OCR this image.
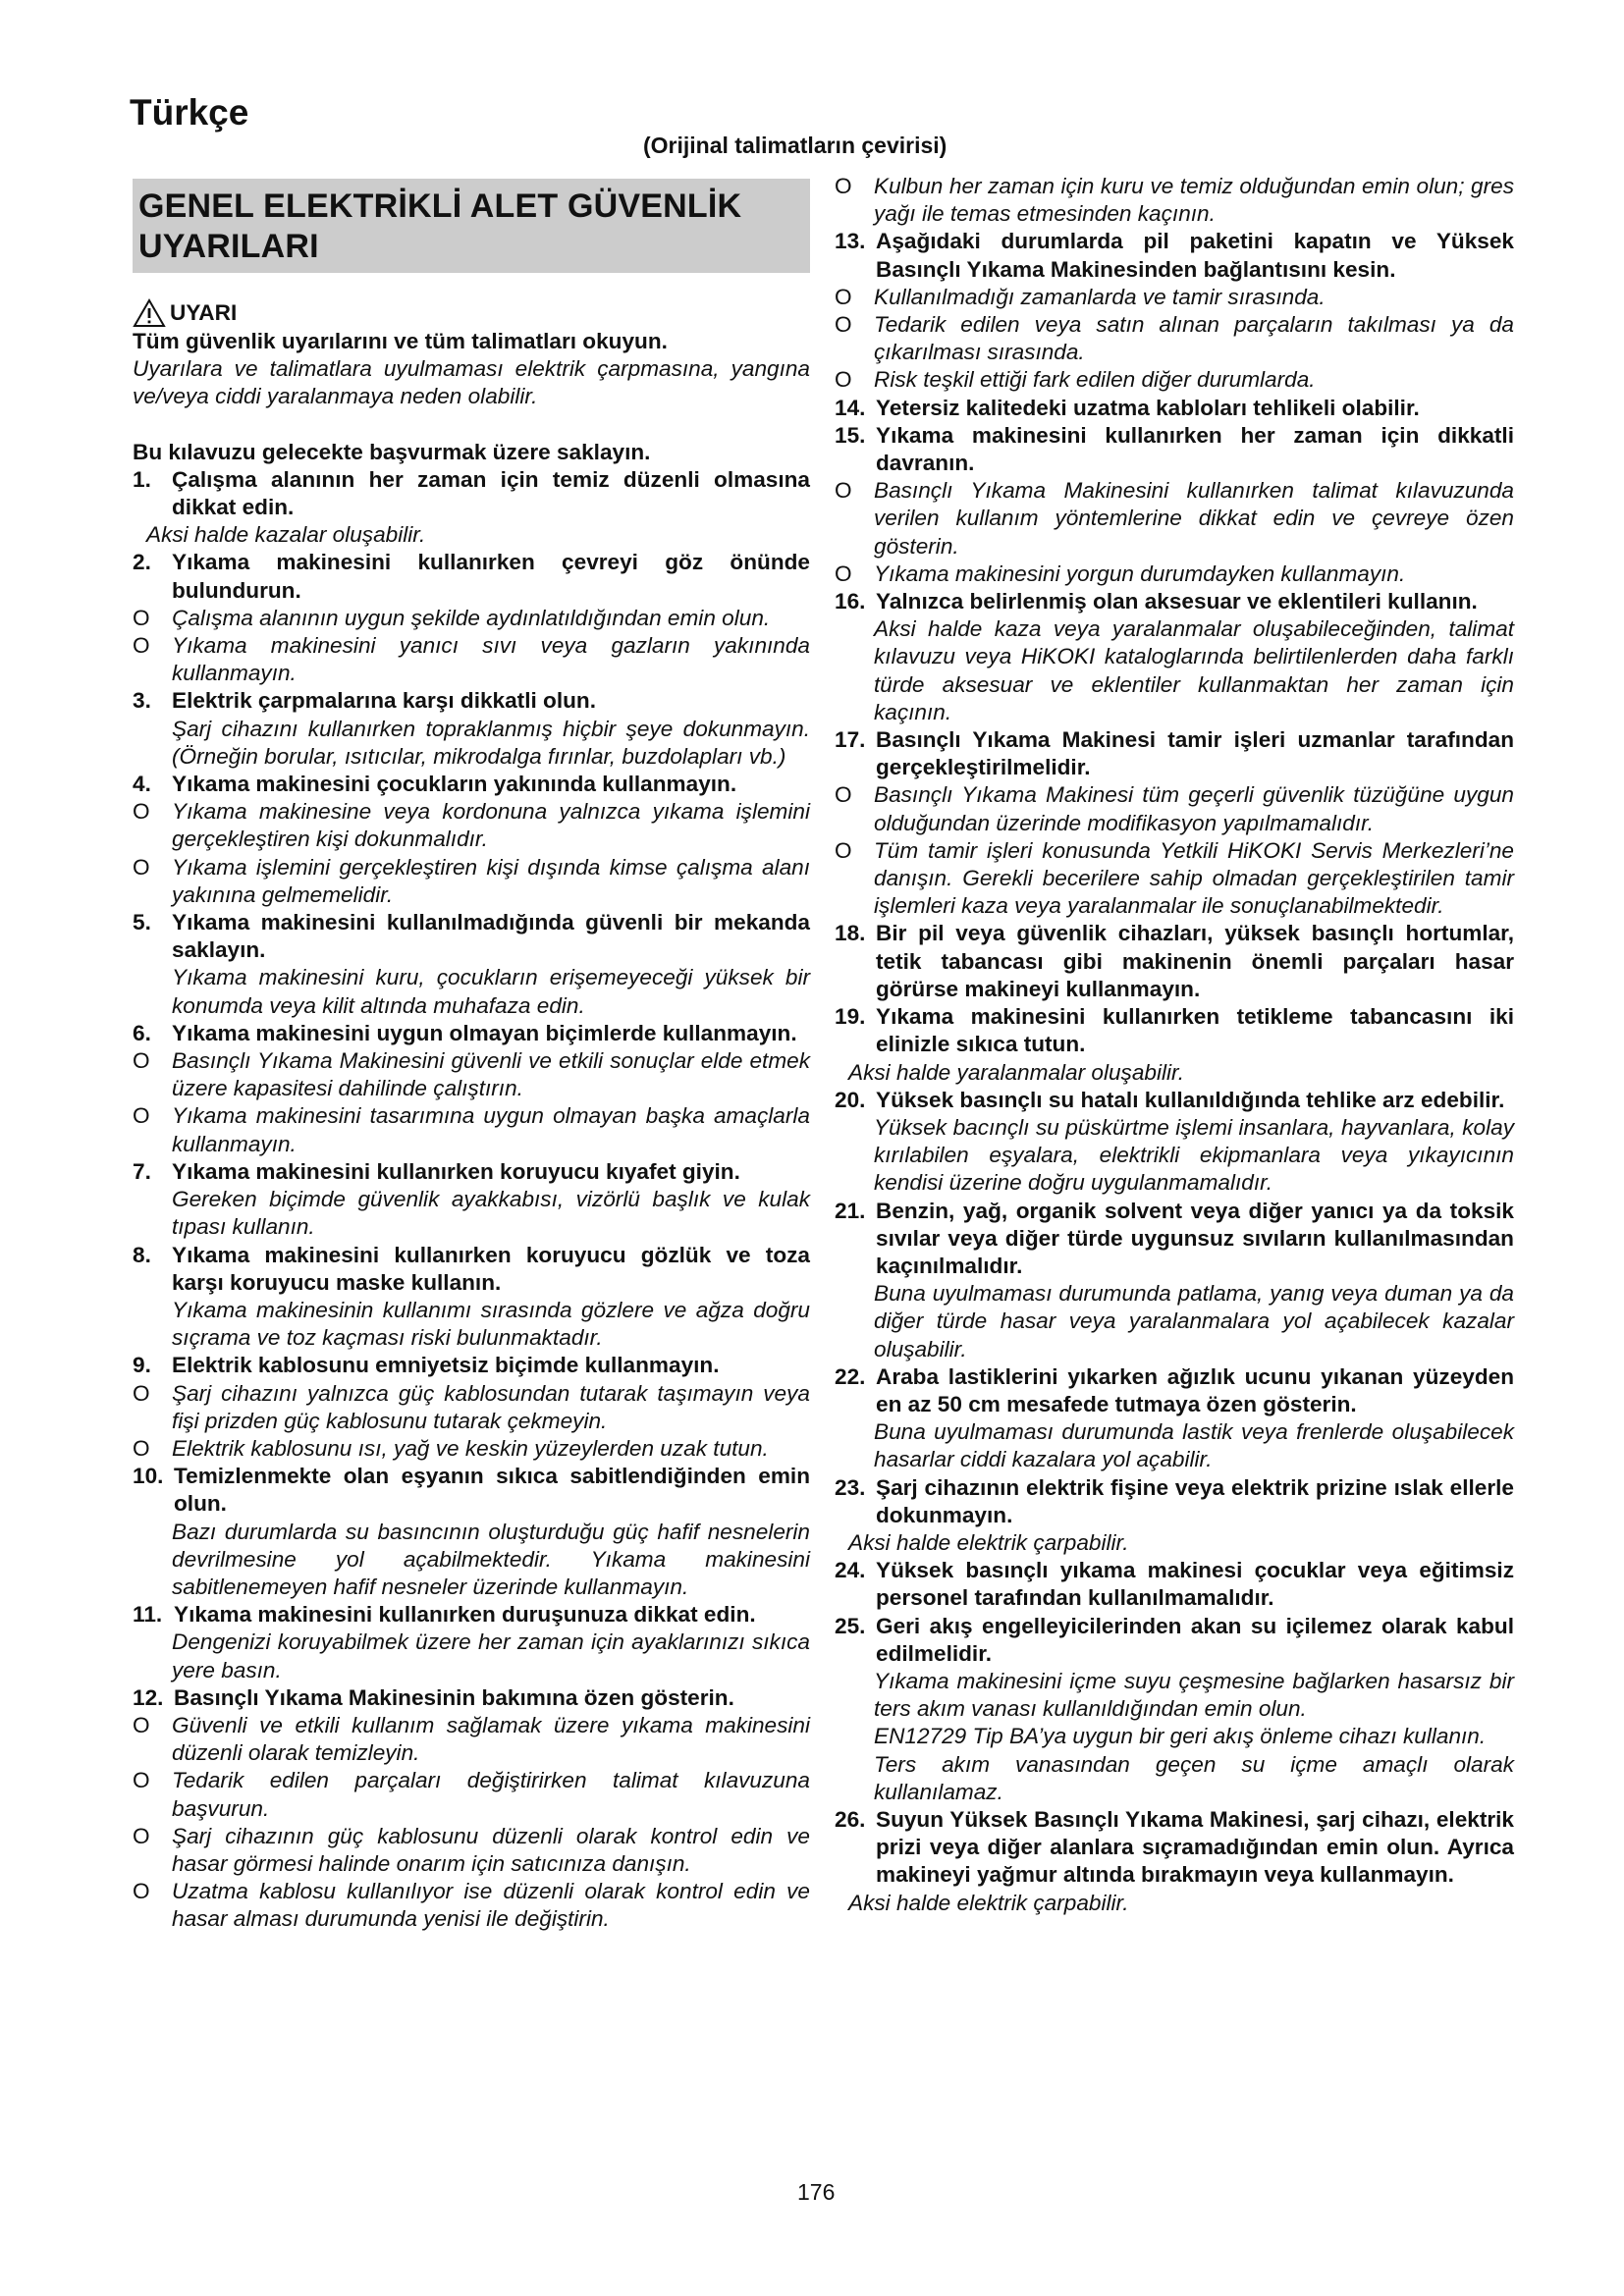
Türkçe
(Orijinal talimatların çevirisi)
GENEL ELEKTRİKLİ ALET GÜVENLİK UYARILARI
UYARI
Tüm güvenlik uyarılarını ve tüm talimatları okuyun.
Uyarılara ve talimatlara uyulmaması elektrik çarpmasına, yangına ve/veya ciddi yaralanmaya neden olabilir.
Bu kılavuzu gelecekte başvurmak üzere saklayın.
1. Çalışma alanının her zaman için temiz düzenli olmasına dikkat edin.
Aksi halde kazalar oluşabilir.
2. Yıkama makinesini kullanırken çevreyi göz önünde bulundurun.
O Çalışma alanının uygun şekilde aydınlatıldığından emin olun.
O Yıkama makinesini yanıcı sıvı veya gazların yakınında kullanmayın.
3. Elektrik çarpmalarına karşı dikkatli olun.
Şarj cihazını kullanırken topraklanmış hiçbir şeye dokunmayın. (Örneğin borular, ısıtıcılar, mikrodalga fırınlar, buzdolapları vb.)
4. Yıkama makinesini çocukların yakınında kullanmayın.
O Yıkama makinesine veya kordonuna yalnızca yıkama işlemini gerçekleştiren kişi dokunmalıdır.
O Yıkama işlemini gerçekleştiren kişi dışında kimse çalışma alanı yakınına gelmemelidir.
5. Yıkama makinesini kullanılmadığında güvenli bir mekanda saklayın.
Yıkama makinesini kuru, çocukların erişemeyeceği yüksek bir konumda veya kilit altında muhafaza edin.
6. Yıkama makinesini uygun olmayan biçimlerde kullanmayın.
O Basınçlı Yıkama Makinesini güvenli ve etkili sonuçlar elde etmek üzere kapasitesi dahilinde çalıştırın.
O Yıkama makinesini tasarımına uygun olmayan başka amaçlarla kullanmayın.
7. Yıkama makinesini kullanırken koruyucu kıyafet giyin.
Gereken biçimde güvenlik ayakkabısı, vizörlü başlık ve kulak tıpası kullanın.
8. Yıkama makinesini kullanırken koruyucu gözlük ve toza karşı koruyucu maske kullanın.
Yıkama makinesinin kullanımı sırasında gözlere ve ağza doğru sıçrama ve toz kaçması riski bulunmaktadır.
9. Elektrik kablosunu emniyetsiz biçimde kullanmayın.
O Şarj cihazını yalnızca güç kablosundan tutarak taşımayın veya fişi prizden güç kablosunu tutarak çekmeyin.
O Elektrik kablosunu ısı, yağ ve keskin yüzeylerden uzak tutun.
10. Temizlenmekte olan eşyanın sıkıca sabitlendiğinden emin olun.
Bazı durumlarda su basıncının oluşturduğu güç hafif nesnelerin devrilmesine yol açabilmektedir. Yıkama makinesini sabitlenemeyen hafif nesneler üzerinde kullanmayın.
11. Yıkama makinesini kullanırken duruşunuza dikkat edin.
Dengenizi koruyabilmek üzere her zaman için ayaklarınızı sıkıca yere basın.
12. Basınçlı Yıkama Makinesinin bakımına özen gösterin.
O Güvenli ve etkili kullanım sağlamak üzere yıkama makinesini düzenli olarak temizleyin.
O Tedarik edilen parçaları değiştirirken talimat kılavuzuna başvurun.
O Şarj cihazının güç kablosunu düzenli olarak kontrol edin ve hasar görmesi halinde onarım için satıcınıza danışın.
O Uzatma kablosu kullanılıyor ise düzenli olarak kontrol edin ve hasar alması durumunda yenisi ile değiştirin.
O Kulbun her zaman için kuru ve temiz olduğundan emin olun; gres yağı ile temas etmesinden kaçının.
13. Aşağıdaki durumlarda pil paketini kapatın ve Yüksek Basınçlı Yıkama Makinesinden bağlantısını kesin.
O Kullanılmadığı zamanlarda ve tamir sırasında.
O Tedarik edilen veya satın alınan parçaların takılması ya da çıkarılması sırasında.
O Risk teşkil ettiği fark edilen diğer durumlarda.
14. Yetersiz kalitedeki uzatma kabloları tehlikeli olabilir.
15. Yıkama makinesini kullanırken her zaman için dikkatli davranın.
O Basınçlı Yıkama Makinesini kullanırken talimat kılavuzunda verilen kullanım yöntemlerine dikkat edin ve çevreye özen gösterin.
O Yıkama makinesini yorgun durumdayken kullanmayın.
16. Yalnızca belirlenmiş olan aksesuar ve eklentileri kullanın.
Aksi halde kaza veya yaralanmalar oluşabileceğinden, talimat kılavuzu veya HiKOKI kataloglarında belirtilenlerden daha farklı türde aksesuar ve eklentiler kullanmaktan her zaman için kaçının.
17. Basınçlı Yıkama Makinesi tamir işleri uzmanlar tarafından gerçekleştirilmelidir.
O Basınçlı Yıkama Makinesi tüm geçerli güvenlik tüzüğüne uygun olduğundan üzerinde modifikasyon yapılmamalıdır.
O Tüm tamir işleri konusunda Yetkili HiKOKI Servis Merkezleri’ne danışın. Gerekli becerilere sahip olmadan gerçekleştirilen tamir işlemleri kaza veya yaralanmalar ile sonuçlanabilmektedir.
18. Bir pil veya güvenlik cihazları, yüksek basınçlı hortumlar, tetik tabancası gibi makinenin önemli parçaları hasar görürse makineyi kullanmayın.
19. Yıkama makinesini kullanırken tetikleme tabancasını iki elinizle sıkıca tutun.
Aksi halde yaralanmalar oluşabilir.
20. Yüksek basınçlı su hatalı kullanıldığında tehlike arz edebilir.
Yüksek bacınçlı su püskürtme işlemi insanlara, hayvanlara, kolay kırılabilen eşyalara, elektrikli ekipmanlara veya yıkayıcının kendisi üzerine doğru uygulanmamalıdır.
21. Benzin, yağ, organik solvent veya diğer yanıcı ya da toksik sıvılar veya diğer türde uygunsuz sıvıların kullanılmasından kaçınılmalıdır.
Buna uyulmaması durumunda patlama, yanıg veya duman ya da diğer türde hasar veya yaralanmalara yol açabilecek kazalar oluşabilir.
22. Araba lastiklerini yıkarken ağızlık ucunu yıkanan yüzeyden en az 50 cm mesafede tutmaya özen gösterin.
Buna uyulmaması durumunda lastik veya frenlerde oluşabilecek hasarlar ciddi kazalara yol açabilir.
23. Şarj cihazının elektrik fişine veya elektrik prizine ıslak ellerle dokunmayın.
Aksi halde elektrik çarpabilir.
24. Yüksek basınçlı yıkama makinesi çocuklar veya eğitimsiz personel tarafından kullanılmamalıdır.
25. Geri akış engelleyicilerinden akan su içilemez olarak kabul edilmelidir.
Yıkama makinesini içme suyu çeşmesine bağlarken hasarsız bir ters akım vanası kullanıldığından emin olun.
EN12729 Tip BA’ya uygun bir geri akış önleme cihazı kullanın.
Ters akım vanasından geçen su içme amaçlı olarak kullanılamaz.
26. Suyun Yüksek Basınçlı Yıkama Makinesi, şarj cihazı, elektrik prizi veya diğer alanlara sıçramadığından emin olun. Ayrıca makineyi yağmur altında bırakmayın veya kullanmayın.
Aksi halde elektrik çarpabilir.
176
